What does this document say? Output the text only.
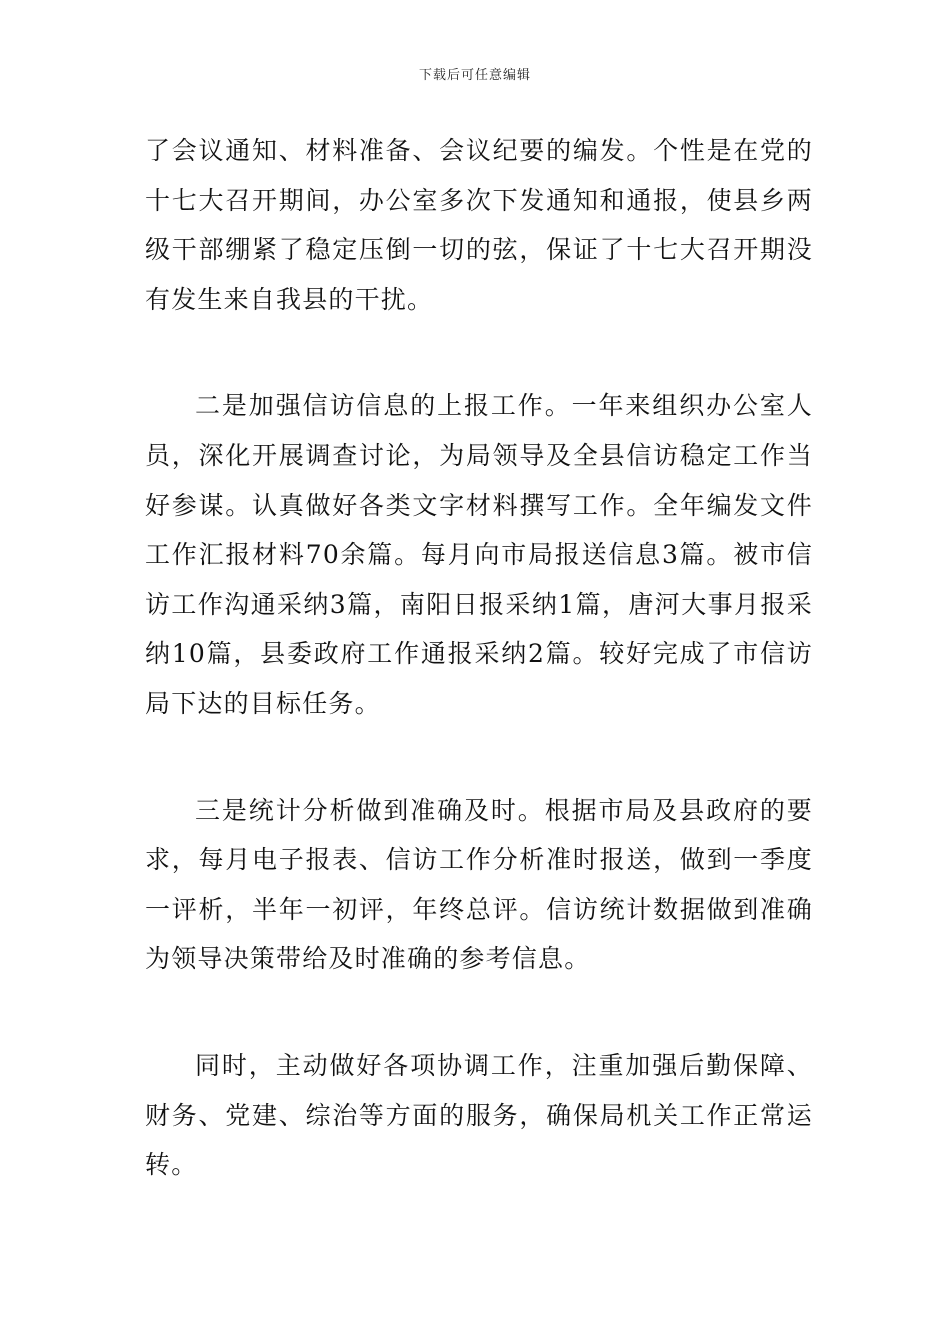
下载后可任意编辑

了会议通知、材料准备、会议纪要的编发。个性是在党的十七大召开期间，办公室多次下发通知和通报，使县乡两级干部绷紧了稳定压倒一切的弦，保证了十七大召开期没有发生来自我县的干扰。

二是加强信访信息的上报工作。一年来组织办公室人员，深化开展调查讨论，为局领导及全县信访稳定工作当好参谋。认真做好各类文字材料撰写工作。全年编发文件工作汇报材料70余篇。每月向市局报送信息3篇。被市信访工作沟通采纳3篇，南阳日报采纳1篇，唐河大事月报采纳10篇，县委政府工作通报采纳2篇。较好完成了市信访局下达的目标任务。

三是统计分析做到准确及时。根据市局及县政府的要求，每月电子报表、信访工作分析准时报送，做到一季度一评析，半年一初评，年终总评。信访统计数据做到准确为领导决策带给及时准确的参考信息。

同时，主动做好各项协调工作，注重加强后勤保障、财务、党建、综治等方面的服务，确保局机关工作正常运转。
